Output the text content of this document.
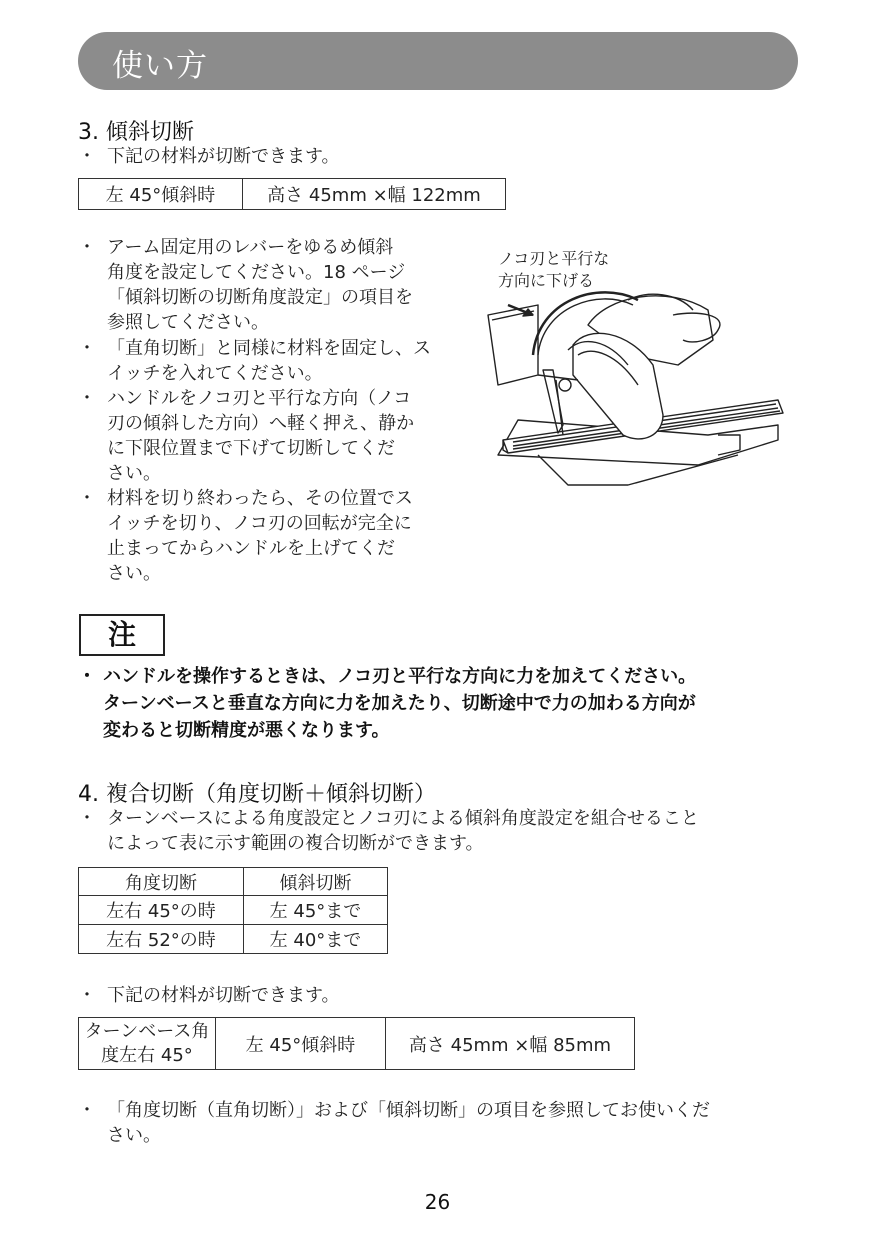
使い方
3. 傾斜切断
・ 下記の材料が切断できます。
左 45°傾斜時	高さ 45mm ×幅 122mm
・ アーム固定用のレバーをゆるめ傾斜
角度を設定してください。18 ページ
「傾斜切断の切断角度設定」の項目を
参照してください。
・ 「直角切断」と同様に材料を固定し、ス
イッチを入れてください。
・ ハンドルをノコ刃と平行な方向（ノコ
刃の傾斜した方向）へ軽く押え、静か
に下限位置まで下げて切断してくだ
さい。
・ 材料を切り終わったら、その位置でス
イッチを切り、ノコ刃の回転が完全に
止まってからハンドルを上げてくだ
さい。
ノコ刃と平行な
方向に下げる
注
・ ハンドルを操作するときは、ノコ刃と平行な方向に力を加えてください。
ターンベースと垂直な方向に力を加えたり、切断途中で力の加わる方向が
変わると切断精度が悪くなります。
4. 複合切断（角度切断＋傾斜切断）
・ ターンベースによる角度設定とノコ刃による傾斜角度設定を組合せること
によって表に示す範囲の複合切断ができます。
角度切断	傾斜切断
左右 45°の時	左 45°まで
左右 52°の時	左 40°まで
・ 下記の材料が切断できます。
ターンベース角
度左右 45°	左 45°傾斜時	高さ 45mm ×幅 85mm
・ 「角度切断（直角切断）」および「傾斜切断」の項目を参照してお使いくだ
さい。
26
